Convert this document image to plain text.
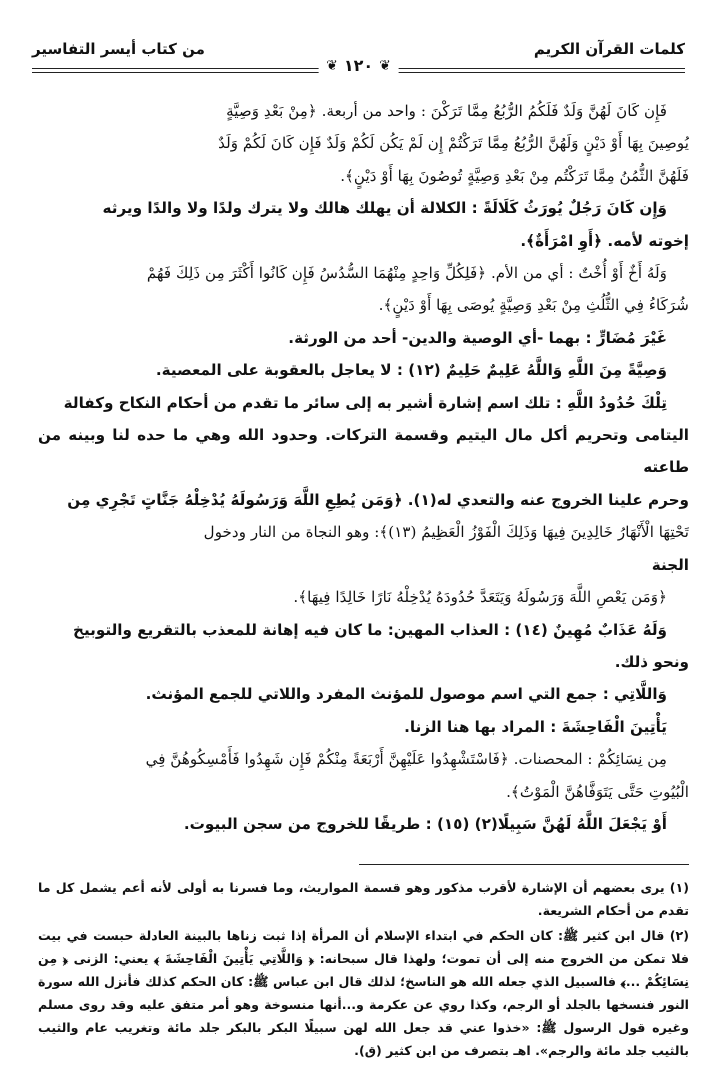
كلمات القرآن الكريم
من كتاب أيسر التفاسير
❦
١٢٠
❦

فَإِن كَانَ لَهُنَّ وَلَدٌ فَلَكُمُ الرُّبُعُ مِمَّا تَرَكْنَ : واحد من أربعة. ﴿مِنْ بَعْدِ وَصِيَّةٍ

يُوصِينَ بِهَا أَوْ دَيْنٍ وَلَهُنَّ الرُّبُعُ مِمَّا تَرَكْتُمْ إِن لَمْ يَكُن لَكُمْ وَلَدٌ فَإِن كَانَ لَكُمْ وَلَدٌ

فَلَهُنَّ الثُّمُنُ مِمَّا تَرَكْتُم مِنْ بَعْدِ وَصِيَّةٍ تُوصُونَ بِهَا أَوْ دَيْنٍ﴾.

وَإِن كَانَ رَجُلٌ يُورَثُ كَلَالَةً : الكلالة أن يهلك هالك ولا يترك ولدًا ولا والدًا ويرثه

إخوته لأمه. ﴿أَوِ امْرَأَةٌ﴾.

وَلَهُ أَخٌ أَوْ أُخْتٌ : أي من الأم. ﴿فَلِكُلِّ وَاحِدٍ مِنْهُمَا السُّدُسُ فَإِن كَانُوا أَكْثَرَ مِن ذَلِكَ فَهُمْ

شُرَكَاءُ فِي الثُّلُثِ مِنْ بَعْدِ وَصِيَّةٍ يُوصَى بِهَا أَوْ دَيْنٍ﴾.

غَيْرَ مُضَارٍّ : بهما -أي الوصية والدين- أحد من الورثة.

وَصِيَّةً مِنَ اللَّهِ وَاللَّهُ عَلِيمٌ حَلِيمٌ (١٢) : لا يعاجل بالعقوبة على المعصية.

تِلْكَ حُدُودُ اللَّهِ : تلك اسم إشارة أشير به إلى سائر ما تقدم من أحكام النكاح وكفالة

اليتامى وتحريم أكل مال اليتيم وقسمة التركات. وحدود الله وهي ما حده لنا وبينه من طاعته

وحرم علينا الخروج عنه والتعدي له(١). ﴿وَمَن يُطِعِ اللَّهَ وَرَسُولَهُ يُدْخِلْهُ جَنَّاتٍ تَجْرِي مِن

تَحْتِهَا الْأَنْهَارُ خَالِدِينَ فِيهَا وَذَلِكَ الْفَوْزُ الْعَظِيمُ (١٣)﴾: وهو النجاة من النار ودخول

الجنة

﴿وَمَن يَعْصِ اللَّهَ وَرَسُولَهُ وَيَتَعَدَّ حُدُودَهُ يُدْخِلْهُ نَارًا خَالِدًا فِيهَا﴾.

وَلَهُ عَذَابٌ مُهِينٌ (١٤) : العذاب المهين: ما كان فيه إهانة للمعذب بالتقريع والتوبيخ

ونحو ذلك.

وَاللَّاتِي : جمع التي اسم موصول للمؤنث المفرد واللاتي للجمع المؤنث.

يَأْتِينَ الْفَاحِشَةَ : المراد بها هنا الزنا.

مِن نِسَائِكُمْ : المحصنات. ﴿فَاسْتَشْهِدُوا عَلَيْهِنَّ أَرْبَعَةً مِنْكُمْ فَإِن شَهِدُوا فَأَمْسِكُوهُنَّ فِي

الْبُيُوتِ حَتَّى يَتَوَفَّاهُنَّ الْمَوْتُ﴾.

أَوْ يَجْعَلَ اللَّهُ لَهُنَّ سَبِيلًا(٢) (١٥) : طريقًا للخروج من سجن البيوت.

(١) يرى بعضهم أن الإشارة لأقرب مذكور وهو قسمة المواريث، وما فسرنا به أولى لأنه أعم يشمل كل ما تقدم من أحكام الشريعة.

(٢) قال ابن كثير ﷺ: كان الحكم في ابتداء الإسلام أن المرأة إذا ثبت زناها بالبينة العادلة حبست في بيت فلا تمكن من الخروج منه إلى أن تموت؛ ولهذا قال سبحانه: ﴿ وَاللَّاتِي يَأْتِينَ الْفَاحِشَةَ ﴾ يعني: الزنى ﴿ مِن نِسَائِكُمْ ...﴾ فالسبيل الذي جعله الله هو الناسخ؛ لذلك قال ابن عباس ﷺ: كان الحكم كذلك فأنزل الله سورة النور فنسخها بالجلد أو الرجم، وكذا روي عن عكرمة و...أنها منسوخة وهو أمر متفق عليه وقد روى مسلم وغيره قول الرسول ﷺ: «خذوا عني قد جعل الله لهن سبيلًا البكر بالبكر جلد مائة وتغريب عام والثيب بالثيب جلد مائة والرجم». اهـ بتصرف من ابن كثير (ق).
